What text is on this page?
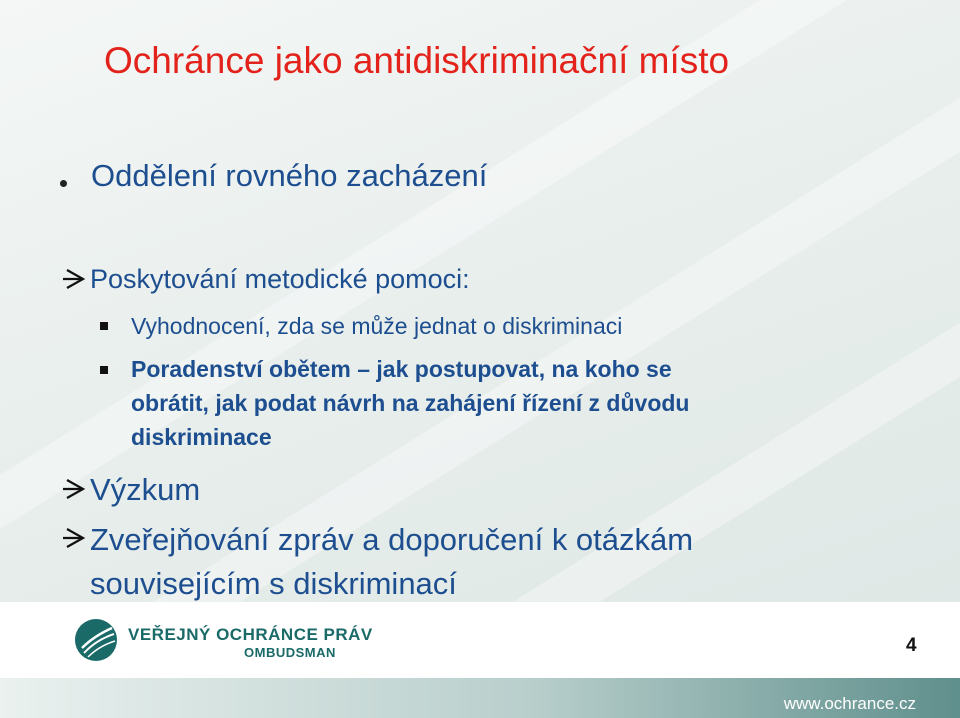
Ochránce jako antidiskriminační místo
Oddělení rovného zacházení
Poskytování metodické pomoci:
Vyhodnocení, zda se může jednat o diskriminaci
Poradenství obětem – jak postupovat, na koho se
obrátit, jak podat návrh na zahájení řízení z důvodu
diskriminace
Výzkum
Zveřejňování zpráv a doporučení k otázkám
souvisejícím s diskriminací
VEŘEJNÝ OCHRÁNCE PRÁV
OMBUDSMAN	4
www.ochrance.cz
